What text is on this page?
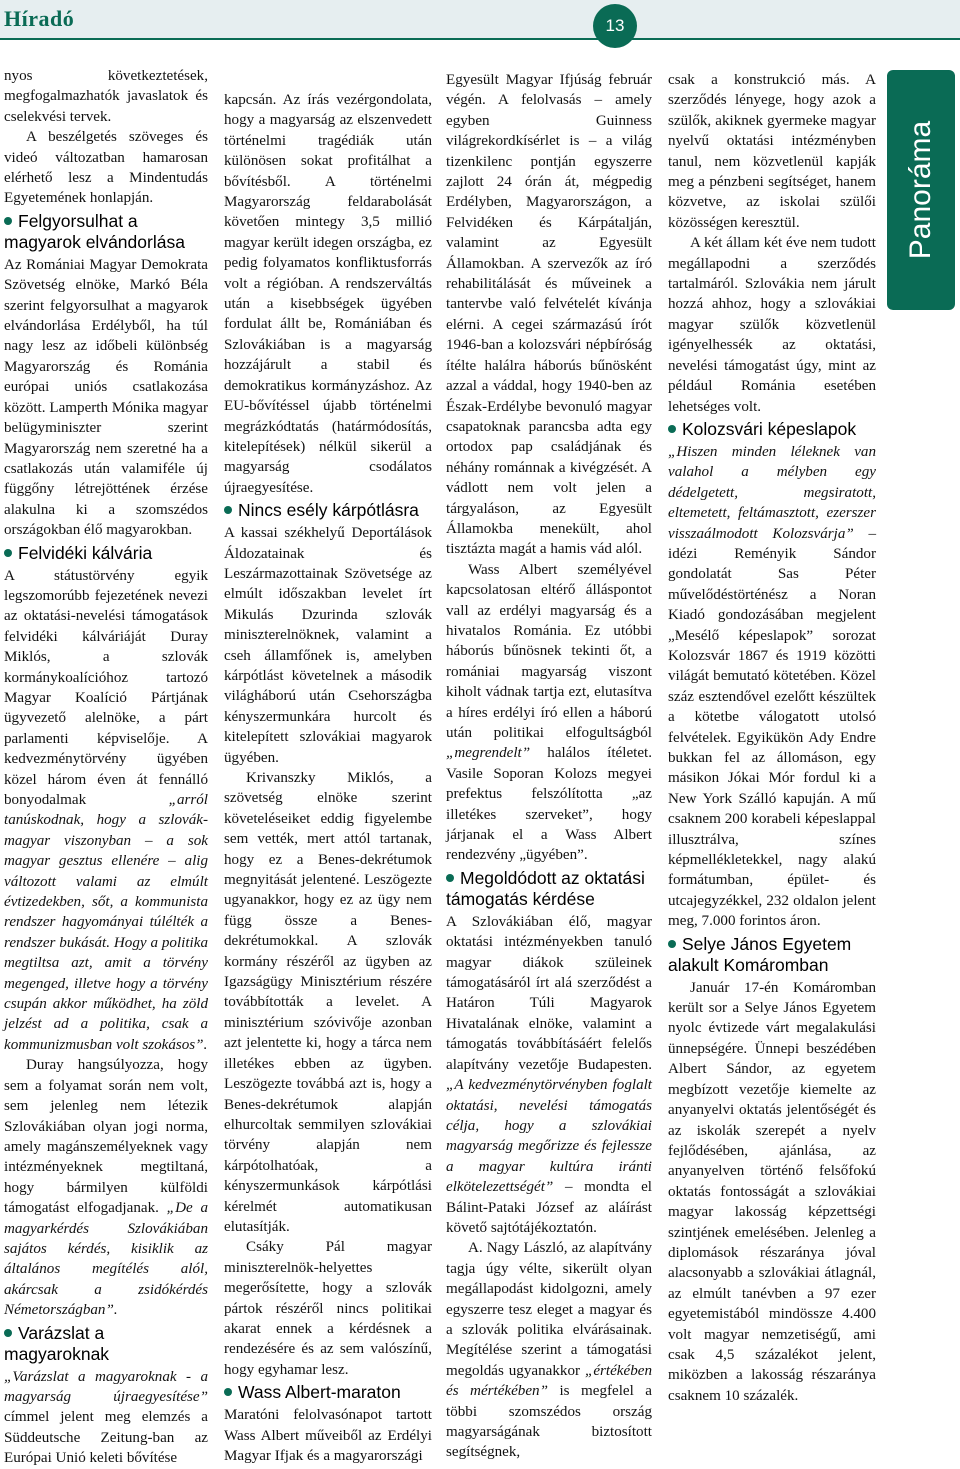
Híradó	13
Panoráma

nyos következtetések, megfogalmazhatók javaslatok és cselekvési tervek.

A beszélgetés szöveges és videó változatban hamarosan elérhető lesz a Mindentudás Egyetemének honlapján.

Felgyorsulhat a magyarok elvándorlása

Az Romániai Magyar Demokrata Szövetség elnöke, Markó Béla szerint felgyorsulhat a magyarok elvándorlása Erdélyből, ha túl nagy lesz az időbeli különbség Magyarország és Románia európai uniós csatlakozása között. Lamperth Mónika magyar belügyminiszter szerint Magyarország nem szeretné ha a csatlakozás után valamiféle új függőny létrejöttének érzése alakulna ki a szomszédos országokban élő magyarokban.

Felvidéki kálvária

A státustörvény egyik legszomorúbb fejezetének nevezi az oktatási-nevelési támogatások felvidéki kálváriáját Duray Miklós, a szlovák kormánykoalícióhoz tartozó Magyar Koalíció Pártjának ügyvezető alelnöke, a párt parlamenti képviselője. A kedvezménytörvény ügyében közel három éven át fennálló bonyodalmak „arról tanúskodnak, hogy a szlovák-magyar viszonyban – a sok magyar gesztus ellenére – alig változott valami az elmúlt évtizedekben, sőt, a kommunista rendszer hagyományai túlélték a rendszer bukását. Hogy a politika megtiltsa azt, amit a törvény megenged, illetve hogy a törvény csupán akkor működhet, ha zöld jelzést ad a politika, csak a kommunizmusban volt szokásos”.

Duray hangsúlyozza, hogy sem a folyamat során nem volt, sem jelenleg nem létezik Szlovákiában olyan jogi norma, amely magánszemélyeknek vagy intézményeknek megtiltaná, hogy bármilyen külföldi támogatást elfogadjanak. „De a magyarkérdés Szlovákiában sajátos kérdés, kisiklik az általános megítélés alól, akárcsak a zsidókérdés Németországban”.

Varázslat a magyaroknak

„Varázslat a magyaroknak - a magyarság újraegyesítése” címmel jelent meg elemzés a Süddeutsche Zeitung-ban az Európai Unió keleti bővítése

kapcsán. Az írás vezérgondolata, hogy a magyarság az elszenvedett történelmi tragédiák után különösen sokat profitálhat a bővítésből. A történelmi Magyarország feldarabolását követően mintegy 3,5 millió magyar került idegen országba, ez pedig folyamatos konfliktusforrás volt a régióban. A rendszerváltás után a kisebbségek ügyében fordulat állt be, Romániában és Szlovákiában is a magyarság hozzájárult a stabil és demokratikus kormányzáshoz. Az EU-bővítéssel újabb történelmi megrázkódtatás (határmódosítás, kitelepítések) nélkül sikerül a magyarság csodálatos újraegyesítése.

Nincs esély kárpótlásra

A kassai székhelyű Deportálások Áldozatainak és Leszármazottainak Szövetsége az elmúlt időszakban levelet írt Mikulás Dzurinda szlovák miniszterelnöknek, valamint a cseh államfőnek is, amelyben kárpótlást követelnek a második világháború után Csehországba kényszermunkára hurcolt és kitelepített szlovákiai magyarok ügyében.

Krivanszky Miklós, a szövetség elnöke szerint követeléseiket eddig figyelembe sem vették, mert attól tartanak, hogy ez a Benes-dekrétumok megnyitását jelentené. Leszögezte ugyanakkor, hogy ez az ügy nem függ össze a Benes-dekrétumokkal. A szlovák kormány részéről az ügyben az Igazságügy Minisztérium részére továbbították a levelet. A minisztérium szóvivője azonban azt jelentette ki, hogy a tárca nem illetékes ebben az ügyben. Leszögezte továbbá azt is, hogy a Benes-dekrétumok alapján elhurcoltak semmilyen szlovákiai törvény alapján nem kárpótolhatóak, a kényszermunkások kárpótlási kérelmét automatikusan elutasítják.

Csáky Pál magyar miniszterelnök-helyettes megerősítette, hogy a szlovák pártok részéről nincs politikai akarat ennek a kérdésnek a rendezésére és az sem valószínű, hogy egyhamar lesz.

Wass Albert-maraton

Maratóni felolvasónapot tartott Wass Albert műveiből az Erdélyi Magyar Ifjak és a magyarországi

Egyesült Magyar Ifjúság február végén. A felolvasás – amely egyben Guinness világrekordkísérlet is – a világ tizenkilenc pontján egyszerre zajlott 24 órán át, mégpedig Erdélyben, Magyarországon, a Felvidéken és Kárpátalján, valamint az Egyesült Államokban. A szervezők az író rehabilitálását és műveinek a tantervbe való felvételét kívánja elérni. A cegei származású írót 1946-ban a kolozsvári népbíróság ítélte halálra háborús bűnösként azzal a váddal, hogy 1940-ben az Észak-Erdélybe bevonuló magyar csapatoknak parancsba adta egy ortodox pap családjának és néhány románnak a kivégzését. A vádlott nem volt jelen a tárgyaláson, az Egyesült Államokba menekült, ahol tisztázta magát a hamis vád alól.

Wass Albert személyével kapcsolatosan eltérő álláspontot vall az erdélyi magyarság és a hivatalos Románia. Ez utóbbi háborús bűnösnek tekinti őt, a romániai magyarság viszont kiholt vádnak tartja ezt, elutasítva a híres erdélyi író ellen a háború után politikai elfogultságból „megrendelt” halálos ítéletet. Vasile Soporan Kolozs megyei prefektus felszólította „az illetékes szerveket”, hogy járjanak el a Wass Albert rendezvény „ügyében”.

Megoldódott az oktatási támogatás kérdése

A Szlovákiában élő, magyar oktatási intézményekben tanuló magyar diákok szüleinek támogatásáról írt alá szerződést a Határon Túli Magyarok Hivatalának elnöke, valamint a támogatás továbbításáért felelős alapítvány vezetője Budapesten. „A kedvezménytörvényben foglalt oktatási, nevelési támogatás célja, hogy a szlovákiai magyarság megőrizze és fejlessze a magyar kultúra iránti elkötelezettségét” – mondta el Bálint-Pataki József az aláírást követő sajtótájékoztatón.

A. Nagy László, az alapítvány tagja úgy vélte, sikerült olyan megállapodást kidolgozni, amely egyszerre tesz eleget a magyar és a szlovák politika elvárásainak. Megítélése szerint a támogatási megoldás ugyanakkor „értékében és mértékében” is megfelel a többi szomszédos ország magyarságának biztosított segítségnek,

csak a konstrukció más. A szerződés lényege, hogy azok a szülők, akiknek gyermeke magyar nyelvű oktatási intézményben tanul, nem közvetlenül kapják meg a pénzbeni segítséget, hanem közvetve, az iskolai szülői közösségen keresztül.

A két állam két éve nem tudott megállapodni a szerződés tartalmáról. Szlovákia nem járult hozzá ahhoz, hogy a szlovákiai magyar szülők közvetlenül igényelhessék az oktatási, nevelési támogatást úgy, mint az például Románia esetében lehetséges volt.

Kolozsvári képeslapok

„Hiszen minden léleknek van valahol a mélyben egy dédelgetett, megsiratott, eltemetett, feltámasztott, ezerszer visszaálmodott Kolozsvárja” – idézi Reményik Sándor gondolatát Sas Péter művelődéstörténész a Noran Kiadó gondozásában megjelent „Mesélő képeslapok” sorozat Kolozsvár 1867 és 1919 közötti világát bemutató kötetében. Közel száz esztendővel ezelőtt készültek a kötetbe válogatott utolsó felvételek. Egyikükön Ady Endre bukkan fel az állomáson, egy másikon Jókai Mór fordul ki a New York Szálló kapuján. A mű csaknem 200 korabeli képeslappal illusztrálva, színes képmellékletekkel, nagy alakú formátumban, épület- és utcajegyzékkel, 232 oldalon jelent meg, 7.000 forintos áron.

Selye János Egyetem alakult Komáromban

Január 17-én Komáromban került sor a Selye János Egyetem nyolc évtizede várt megalakulási ünnepségére. Ünnepi beszédében Albert Sándor, az egyetem megbízott vezetője kiemelte az anyanyelvi oktatás jelentőségét és az iskolák szerepét a nyelv fejlődésében, ajánlása, az anyanyelven történő felsőfokú oktatás fontosságát a szlovákiai magyar lakosság képzettségi szintjének emelésében. Jelenleg a diplomások részaránya jóval alacsonyabb a szlovákiai átlagnál, az elmúlt tanévben a 97 ezer egyetemistából mindössze 4.400 volt magyar nemzetiségű, ami csak 4,5 százalékot jelent, miközben a lakosság részaránya csaknem 10 százalék.
